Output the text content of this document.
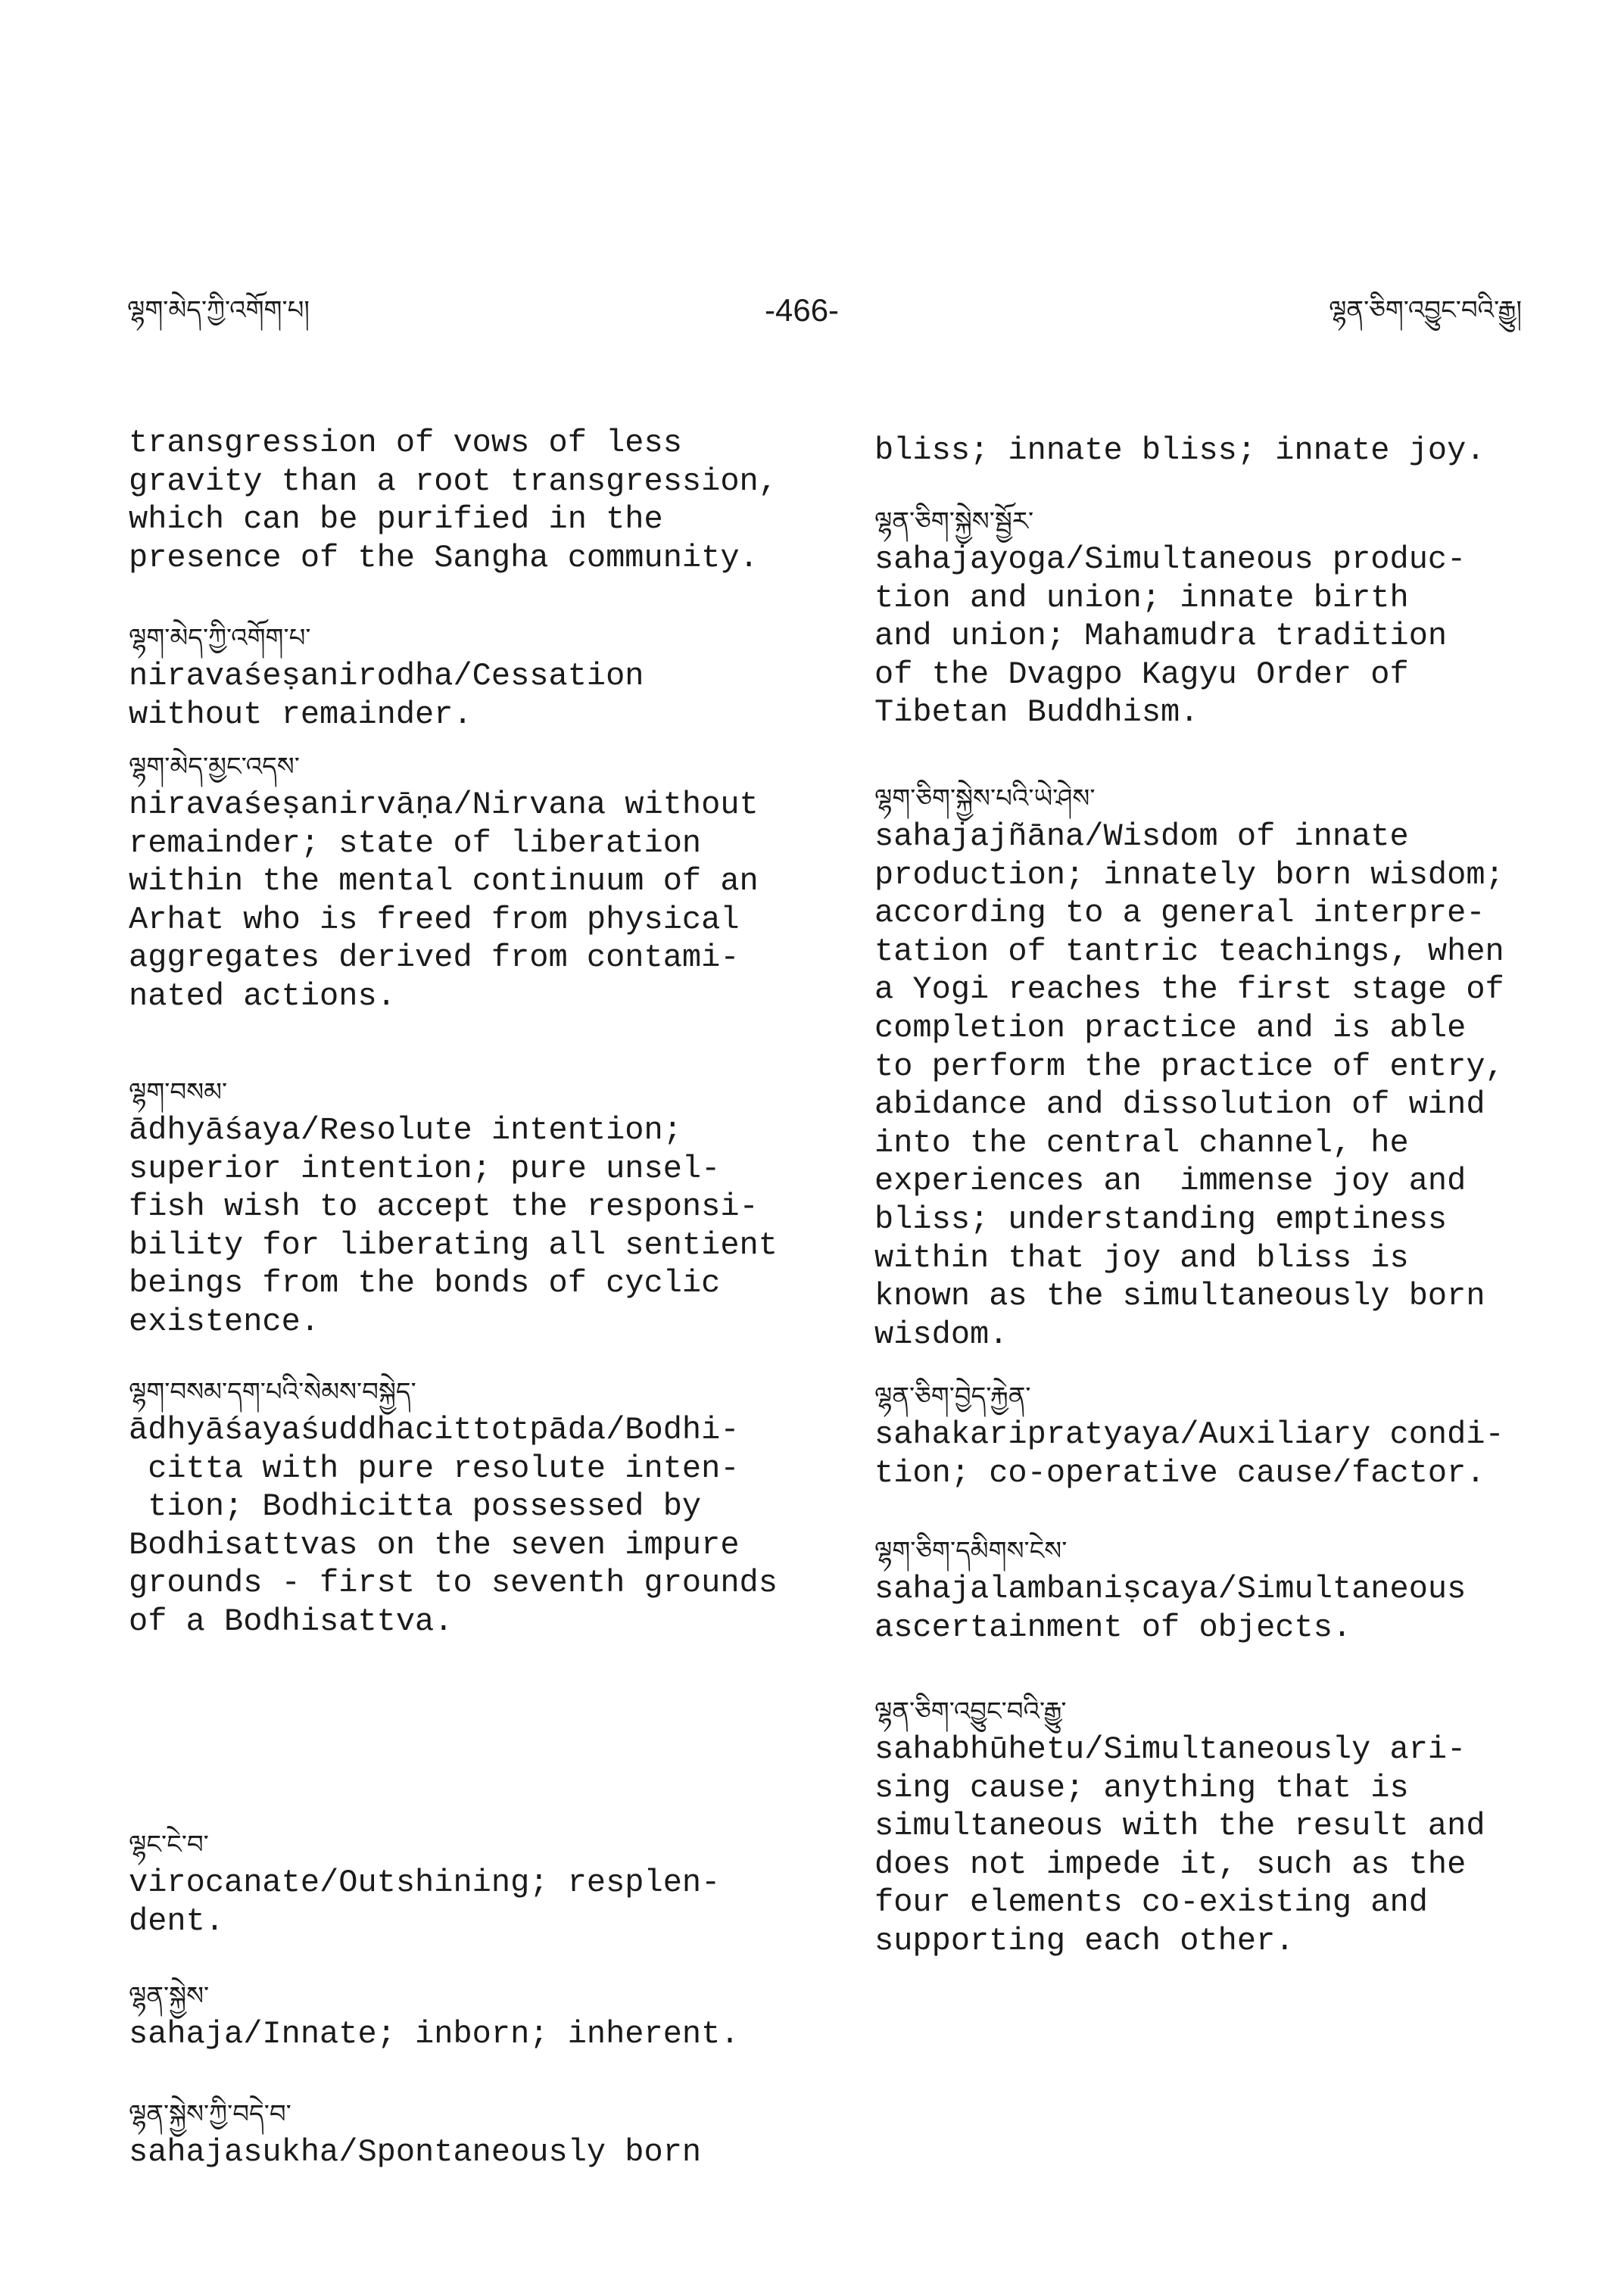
ལྷག་མེད་ཀྱི་འགོག་པ།	-466-	ལྷན་ཅིག་འབྱུང་བའི་རྒྱུ།
transgression of vows of less
gravity than a root transgression,
which can be purified in the
presence of the Sangha community.
ལྷག་མེད་ཀྱི་འགོག་པ་
niravaśeṣanirodha/Cessation
without remainder.
ལྷག་མེད་མྱང་འདས་
niravaśeṣanirvāṇa/Nirvana without
remainder; state of liberation
within the mental continuum of an
Arhat who is freed from physical
aggregates derived from contami-
nated actions.
ལྷག་བསམ་
ādhyāśaya/Resolute intention;
superior intention; pure unsel-
fish wish to accept the responsi-
bility for liberating all sentient
beings from the bonds of cyclic
existence.
ལྷག་བསམ་དག་པའི་སེམས་བསྐྱེད་
ādhyāśayaśuddhacittotpāda/Bodhi-
citta with pure resolute inten-
tion; Bodhicitta possessed by
Bodhisattvas on the seven impure
grounds - first to seventh grounds
of a Bodhisattva.
ལྷང་ངེ་བ་
virocanate/Outshining; resplen-
dent.
ལྷན་སྐྱེས་
sahaja/Innate; inborn; inherent.
ལྷན་སྐྱེས་ཀྱི་བདེ་བ་
sahajasukha/Spontaneously born
bliss; innate bliss; innate joy.
ལྷན་ཅིག་སྐྱེས་སྦྱོར་
sahajayoga/Simultaneous produc-
tion and union; innate birth
and union; Mahamudra tradition
of the Dvagpo Kagyu Order of
Tibetan Buddhism.
ལྷག་ཅིག་སྐྱེས་པའི་ཡེ་ཤེས་
sahajajñāna/Wisdom of innate
production; innately born wisdom;
according to a general interpre-
tation of tantric teachings, when
a Yogi reaches the first stage of
completion practice and is able
to perform the practice of entry,
abidance and dissolution of wind
into the central channel, he
experiences an  immense joy and
bliss; understanding emptiness
within that joy and bliss is
known as the simultaneously born
wisdom.
ལྷན་ཅིག་བྱེད་རྐྱེན་
sahakaripratyaya/Auxiliary condi-
tion; co-operative cause/factor.
ལྷག་ཅིག་དམིགས་ངེས་
sahajalambaniṣcaya/Simultaneous
ascertainment of objects.
ལྷན་ཅིག་འབྱུང་བའི་རྒྱུ་
sahabhūhetu/Simultaneously ari-
sing cause; anything that is
simultaneous with the result and
does not impede it, such as the
four elements co-existing and
supporting each other.
